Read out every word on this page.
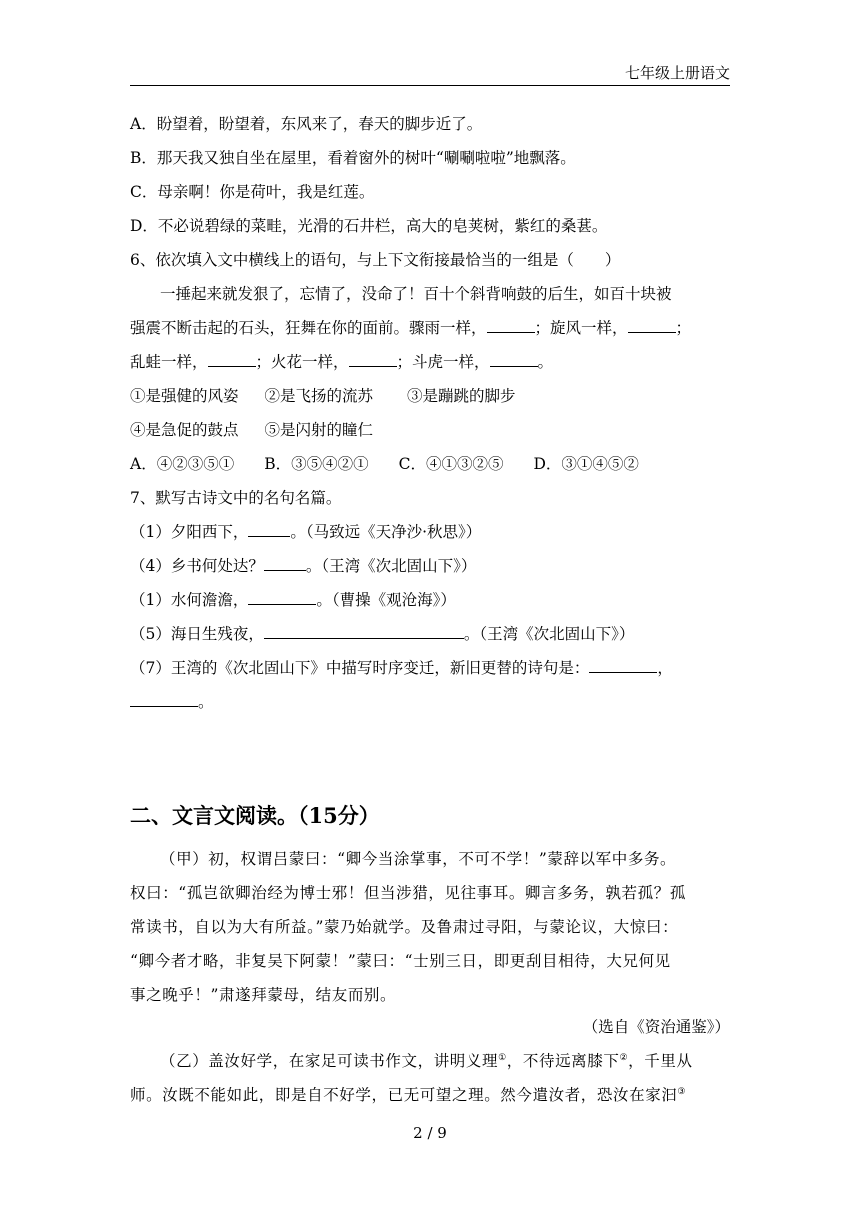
七年级上册语文
A．盼望着，盼望着，东风来了，春天的脚步近了。
B．那天我又独自坐在屋里，看着窗外的树叶“唰唰啦啦”地飘落。
C．母亲啊！你是荷叶，我是红莲。
D．不必说碧绿的菜畦，光滑的石井栏，高大的皂荚树，紫红的桑葚。
6、依次填入文中横线上的语句，与上下文衔接最恰当的一组是（　　）
一捶起来就发狠了，忘情了，没命了！百十个斜背响鼓的后生，如百十块被
强震不断击起的石头，狂舞在你的面前。骤雨一样，	；旋风一样，	；
乱蛙一样，	；火花一样，	；斗虎一样，	。
①是强健的风姿 ②是飞扬的流苏 ③是蹦跳的脚步
④是急促的鼓点 ⑤是闪射的瞳仁
A．④②③⑤① B．③⑤④②① C．④①③②⑤ D．③①④⑤②
7、默写古诗文中的名句名篇。
（1）夕阳西下，	。（马致远《天净沙·秋思》）
（4）乡书何处达？	。（王湾《次北固山下》）
（1）水何澹澹，	。（曹操《观沧海》）
（5）海日生残夜，	。（王湾《次北固山下》）
（7）王湾的《次北固山下》中描写时序变迁，新旧更替的诗句是：	，
。
二、文言文阅读。（15分）
（甲）初，权谓吕蒙曰：“卿今当涂掌事，不可不学！”蒙辞以军中多务。
权曰：“孤岂欲卿治经为博士邪！但当涉猎，见往事耳。卿言多务，孰若孤？孤
常读书，自以为大有所益。”蒙乃始就学。及鲁肃过寻阳，与蒙论议，大惊曰：
“卿今者才略，非复吴下阿蒙！”蒙曰：“士别三日，即更刮目相待，大兄何见
事之晚乎！”肃遂拜蒙母，结友而别。
（选自《资治通鉴》）
（乙）盖汝好学，在家足可读书作文，讲明义理①，不待远离膝下②，千里从
师。汝既不能如此，即是自不好学，已无可望之理。然今遣汝者，恐汝在家汩③
2 / 9
